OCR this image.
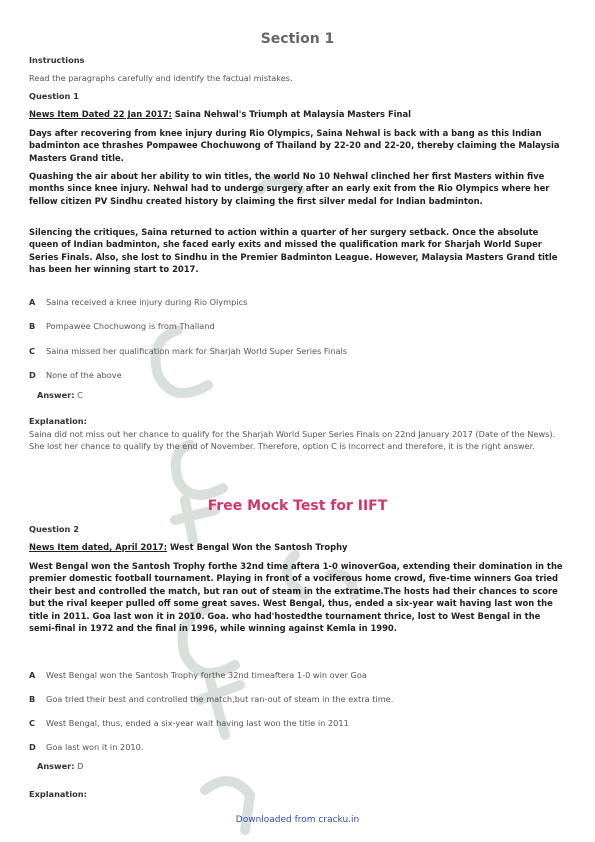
Section 1
Instructions
Read the paragraphs carefully and identify the factual mistakes.
Question 1
News Item Dated 22 Jan 2017: Saina Nehwal's Triumph at Malaysia Masters Final

Days after recovering from knee injury during Rio Olympics, Saina Nehwal is back with a bang as this Indian badminton ace thrashes Pompawee Chochuwong of Thailand by 22-20 and 22-20, thereby claiming the Malaysia Masters Grand title.

Quashing the air about her ability to win titles, the world No 10 Nehwal clinched her first Masters within five months since knee injury. Nehwal had to undergo surgery after an early exit from the Rio Olympics where her fellow citizen PV Sindhu created history by claiming the first silver medal for Indian badminton.

Silencing the critiques, Saina returned to action within a quarter of her surgery setback. Once the absolute queen of Indian badminton, she faced early exits and missed the qualification mark for Sharjah World Super Series Finals. Also, she lost to Sindhu in the Premier Badminton League. However, Malaysia Masters Grand title has been her winning start to 2017.

A Saina received a knee injury during Rio Olympics
B Pompawee Chochuwong is from Thailand
C Saina missed her qualification mark for Sharjah World Super Series Finals
D None of the above
Answer: C
Explanation:

Saina did not miss out her chance to qualify for the Sharjah World Super Series Finals on 22nd January 2017 (Date of the News). She lost her chance to qualify by the end of November. Therefore, option C is incorrect and therefore, it is the right answer.

Free Mock Test for IIFT
Question 2
News Item dated, April 2017: West Bengal Won the Santosh Trophy

West Bengal won the Santosh Trophy forthe 32nd time aftera 1-0 winoverGoa, extending their domination in the premier domestic football tournament. Playing in front of a vociferous home crowd, five-time winners Goa tried their best and controlled the match, but ran out of steam in the extratime.The hosts had their chances to score but the rival keeper pulled off some great saves. West Bengal, thus, ended a six-year wait having last won the title in 2011. Goa last won it in 2010. Goa. who had'hostedthe tournament thrice, lost to West Bengal in the semi-final in 1972 and the final in 1996, while winning against Kemla in 1990.

A West Bengal won the Santosh Trophy forthe 32nd timeaftera 1-0 win over Goa
B Goa tried their best and controlled the match,but ran-out of steam in the extra time.
C West Bengal, thus, ended a six-year wait having last won the title in 2011
D Goa last won it in 2010.
Answer: D
Explanation:
Downloaded from cracku.in
